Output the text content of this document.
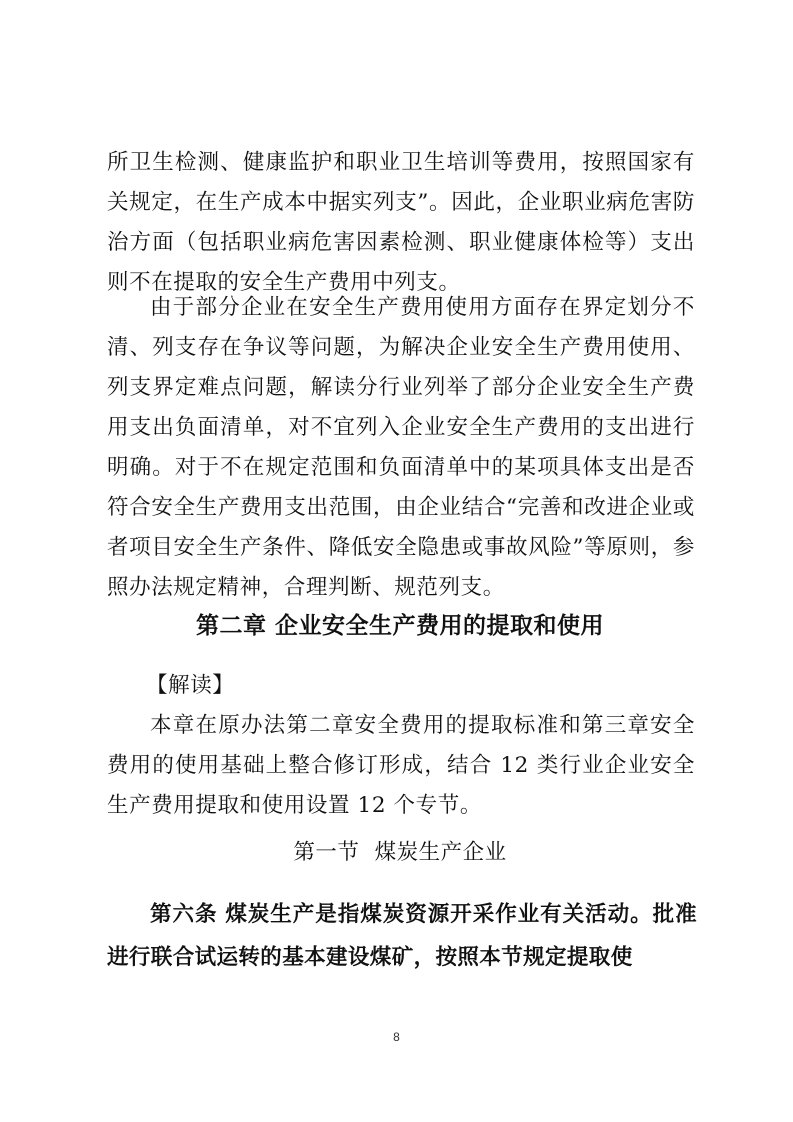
所卫生检测、健康监护和职业卫生培训等费用，按照国家有关规定，在生产成本中据实列支”。因此，企业职业病危害防治方面（包括职业病危害因素检测、职业健康体检等）支出则不在提取的安全生产费用中列支。
由于部分企业在安全生产费用使用方面存在界定划分不清、列支存在争议等问题，为解决企业安全生产费用使用、列支界定难点问题，解读分行业列举了部分企业安全生产费用支出负面清单，对不宜列入企业安全生产费用的支出进行明确。对于不在规定范围和负面清单中的某项具体支出是否符合安全生产费用支出范围，由企业结合“完善和改进企业或者项目安全生产条件、降低安全隐患或事故风险”等原则，参照办法规定精神，合理判断、规范列支。
第二章 企业安全生产费用的提取和使用
【解读】
本章在原办法第二章安全费用的提取标准和第三章安全费用的使用基础上整合修订形成，结合 12 类行业企业安全生产费用提取和使用设置 12 个专节。
第一节 煤炭生产企业
第六条 煤炭生产是指煤炭资源开采作业有关活动。批准进行联合试运转的基本建设煤矿，按照本节规定提取使
8
